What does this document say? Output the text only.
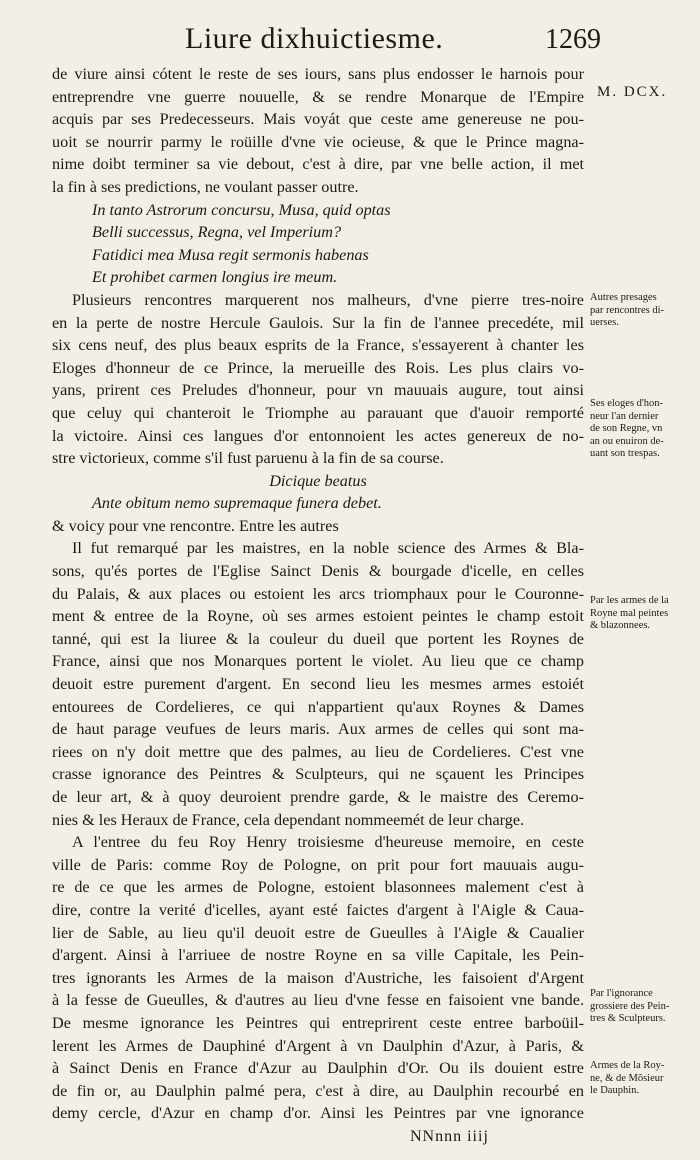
Liure dixhuictiesme.	1269
M. DCX.
de viure ainsi cótent le reste de ses iours, sans plus endosser le harnois pour
entreprendre vne guerre nouuelle, & se rendre Monarque de l'Empire
acquis par ses Predecesseurs. Mais voyát que ceste ame genereuse ne pou-
uoit se nourrir parmy le roüille d'vne vie ocieuse, & que le Prince magna-
nime doibt terminer sa vie debout, c'est à dire, par vne belle action, il met
la fin à ses predictions, ne voulant passer outre.
In tanto Astrorum concursu, Musa, quid optas
Belli successus, Regna, vel Imperium?
Fatidici mea Musa regit sermonis habenas
Et prohibet carmen longius ire meum.
Plusieurs rencontres marquerent nos malheurs, d'vne pierre tres-noire
en la perte de nostre Hercule Gaulois. Sur la fin de l'annee precedéte, mil
six cens neuf, des plus beaux esprits de la France, s'essayerent à chanter les
Eloges d'honneur de ce Prince, la merueille des Rois. Les plus clairs vo-
yans, prirent ces Preludes d'honneur, pour vn mauuais augure, tout ainsi
que celuy qui chanteroit le Triomphe au parauant que d'auoir remporté
la victoire. Ainsi ces langues d'or entonnoient les actes genereux de no-
stre victorieux, comme s'il fust paruenu à la fin de sa course.
Dicique beatus
Ante obitum nemo supremaque funera debet.
& voicy pour vne rencontre. Entre les autres
Il fut remarqué par les maistres, en la noble science des Armes & Bla-
sons, qu'és portes de l'Eglise Sainct Denis & bourgade d'icelle, en celles
du Palais, & aux places ou estoient les arcs triomphaux pour le Couronne-
ment & entree de la Royne, où ses armes estoient peintes le champ estoit
tanné, qui est la liuree & la couleur du dueil que portent les Roynes de
France, ainsi que nos Monarques portent le violet. Au lieu que ce champ
deuoit estre purement d'argent. En second lieu les mesmes armes estoiét
entourees de Cordelieres, ce qui n'appartient qu'aux Roynes & Dames
de haut parage veufues de leurs maris. Aux armes de celles qui sont ma-
riees on n'y doit mettre que des palmes, au lieu de Cordelieres. C'est vne
crasse ignorance des Peintres & Sculpteurs, qui ne sçauent les Principes
de leur art, & à quoy deuroient prendre garde, & le maistre des Ceremo-
nies & les Heraux de France, cela dependant nommeemét de leur charge.
A l'entree du feu Roy Henry troisiesme d'heureuse memoire, en ceste
ville de Paris: comme Roy de Pologne, on prit pour fort mauuais augu-
re de ce que les armes de Pologne, estoient blasonnees malement c'est à
dire, contre la verité d'icelles, ayant esté faictes d'argent à l'Aigle & Caua-
lier de Sable, au lieu qu'il deuoit estre de Gueulles à l'Aigle & Caualier
d'argent. Ainsi à l'arriuee de nostre Royne en sa ville Capitale, les Pein-
tres ignorants les Armes de la maison d'Austriche, les faisoient d'Argent
à la fesse de Gueulles, & d'autres au lieu d'vne fesse en faisoient vne bande.
De mesme ignorance les Peintres qui entreprirent ceste entree barboüil-
lerent les Armes de Dauphiné d'Argent à vn Daulphin d'Azur, à Paris, &
à Sainct Denis en France d'Azur au Daulphin d'Or. Ou ils douient estre
de fin or, au Daulphin palmé pera, c'est à dire, au Daulphin recourbé en
demy cercle, d'Azur en champ d'or. Ainsi les Peintres par vne ignorance
Autres presages
par rencontres di-
uerses.
Ses eloges d'hon-
neur l'an dernier
de son Regne, vn
an ou enuiron de-
uant son trespas.
Par les armes de la
Royne mal peintes
& blazonnees.
Par l'ignorance
grossiere des Pein-
tres & Sculpteurs.
Armes de la Roy-
ne, & de Mõsieur
le Dauphin.
NNnnn iiij
